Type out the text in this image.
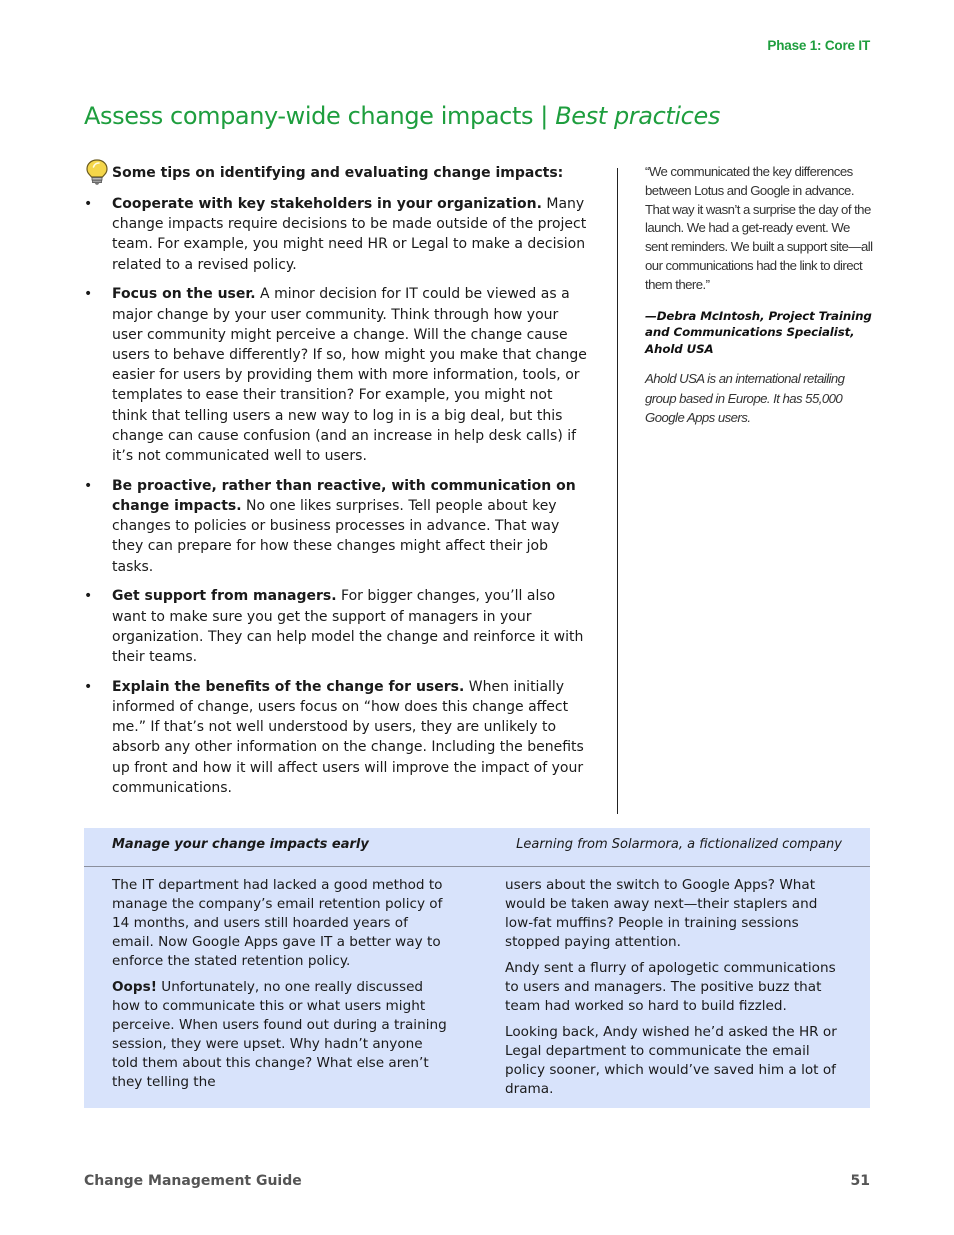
Phase 1: Core IT
Assess company-wide change impacts | Best practices
Some tips on identifying and evaluating change impacts:
• Cooperate with key stakeholders in your organization. Many change impacts require decisions to be made outside of the project team. For example, you might need HR or Legal to make a decision related to a revised policy.
• Focus on the user. A minor decision for IT could be viewed as a major change by your user community. Think through how your user community might perceive a change. Will the change cause users to behave differently? If so, how might you make that change easier for users by providing them with more information, tools, or templates to ease their transition? For example, you might not think that telling users a new way to log in is a big deal, but this change can cause confusion (and an increase in help desk calls) if it’s not communicated well to users.
• Be proactive, rather than reactive, with communication on change impacts. No one likes surprises. Tell people about key changes to policies or business processes in advance. That way they can prepare for how these changes might affect their job tasks.
• Get support from managers. For bigger changes, you’ll also want to make sure you get the support of managers in your organization. They can help model the change and reinforce it with their teams.
• Explain the benefits of the change for users. When initially informed of change, users focus on “how does this change affect me.” If that’s not well understood by users, they are unlikely to absorb any other information on the change. Including the benefits up front and how it will affect users will improve the impact of your communications.

“We communicated the key differences between Lotus and Google in advance. That way it wasn’t a surprise the day of the launch. We had a get-ready event. We sent reminders. We built a support site—all our communications had the link to direct them there.”

—Debra McIntosh, Project Training and Communications Specialist, Ahold USA

Ahold USA is an international retailing group based in Europe. It has 55,000 Google Apps users.

Manage your change impacts early	Learning from Solarmora, a fictionalized company

The IT department had lacked a good method to manage the company’s email retention policy of 14 months, and users still hoarded years of email. Now Google Apps gave IT a better way to enforce the stated retention policy.

Oops! Unfortunately, no one really discussed how to communicate this or what users might perceive. When users found out during a training session, they were upset. Why hadn’t anyone told them about this change? What else aren’t they telling the

users about the switch to Google Apps? What would be taken away next—their staplers and low-fat muffins? People in training sessions stopped paying attention.

Andy sent a flurry of apologetic communications to users and managers. The positive buzz that team had worked so hard to build fizzled.

Looking back, Andy wished he’d asked the HR or Legal department to communicate the email policy sooner, which would’ve saved him a lot of drama.

Change Management Guide	51
